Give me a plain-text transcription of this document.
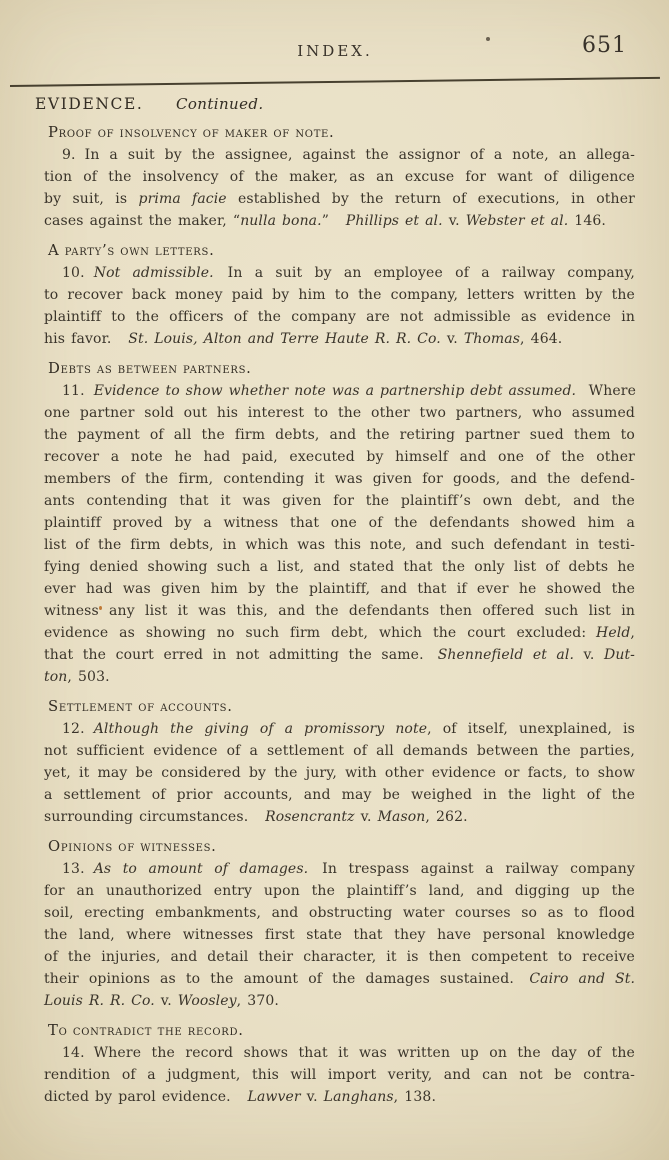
INDEX.	651
EVIDENCE. Continued.
Proof of insolvency of maker of note.
9. In a suit by the assignee, against the assignor of a note, an allega-
tion of the insolvency of the maker, as an excuse for want of diligence
by suit, is prima facie established by the return of executions, in other
cases against the maker, “nulla bona.” Phillips et al. v. Webster et al. 146.
A party’s own letters.
10. Not admissible. In a suit by an employee of a railway company,
to recover back money paid by him to the company, letters written by the
plaintiff to the officers of the company are not admissible as evidence in
his favor. St. Louis, Alton and Terre Haute R. R. Co. v. Thomas, 464.
Debts as between partners.
11. Evidence to show whether note was a partnership debt assumed. Where
one partner sold out his interest to the other two partners, who assumed
the payment of all the firm debts, and the retiring partner sued them to
recover a note he had paid, executed by himself and one of the other
members of the firm, contending it was given for goods, and the defend-
ants contending that it was given for the plaintiff’s own debt, and the
plaintiff proved by a witness that one of the defendants showed him a
list of the firm debts, in which was this note, and such defendant in testi-
fying denied showing such a list, and stated that the only list of debts he
ever had was given him by the plaintiff, and that if ever he showed the
witness any list it was this, and the defendants then offered such list in
evidence as showing no such firm debt, which the court excluded: Held,
that the court erred in not admitting the same. Shennefield et al. v. Dut-
ton, 503.
Settlement of accounts.
12. Although the giving of a promissory note, of itself, unexplained, is
not sufficient evidence of a settlement of all demands between the parties,
yet, it may be considered by the jury, with other evidence or facts, to show
a settlement of prior accounts, and may be weighed in the light of the
surrounding circumstances. Rosencrantz v. Mason, 262.
Opinions of witnesses.
13. As to amount of damages. In trespass against a railway company
for an unauthorized entry upon the plaintiff’s land, and digging up the
soil, erecting embankments, and obstructing water courses so as to flood
the land, where witnesses first state that they have personal knowledge
of the injuries, and detail their character, it is then competent to receive
their opinions as to the amount of the damages sustained. Cairo and St.
Louis R. R. Co. v. Woosley, 370.
To contradict the record.
14. Where the record shows that it was written up on the day of the
rendition of a judgment, this will import verity, and can not be contra-
dicted by parol evidence. Lawver v. Langhans, 138.
